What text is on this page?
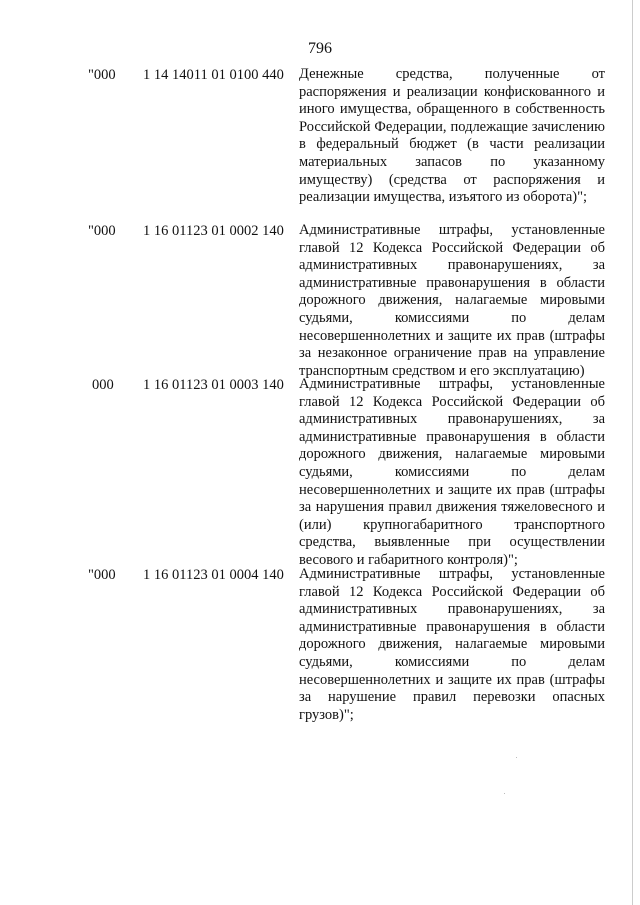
796
"000 1 14 14011 01 0100 440 Денежные средства, полученные от распоряжения и реализации конфискованного и иного имущества, обращенного в собственность Российской Федерации, подлежащие зачислению в федеральный бюджет (в части реализации материальных запасов по указанному имуществу) (средства от распоряжения и реализации имущества, изъятого из оборота)";
"000 1 16 01123 01 0002 140 Административные штрафы, установленные главой 12 Кодекса Российской Федерации об административных правонарушениях, за административные правонарушения в области дорожного движения, налагаемые мировыми судьями, комиссиями по делам несовершеннолетних и защите их прав (штрафы за незаконное ограничение прав на управление транспортным средством и его эксплуатацию)
000 1 16 01123 01 0003 140 Административные штрафы, установленные главой 12 Кодекса Российской Федерации об административных правонарушениях, за административные правонарушения в области дорожного движения, налагаемые мировыми судьями, комиссиями по делам несовершеннолетних и защите их прав (штрафы за нарушения правил движения тяжеловесного и (или) крупногабаритного транспортного средства, выявленные при осуществлении весового и габаритного контроля)";
"000 1 16 01123 01 0004 140 Административные штрафы, установленные главой 12 Кодекса Российской Федерации об административных правонарушениях, за административные правонарушения в области дорожного движения, налагаемые мировыми судьями, комиссиями по делам несовершеннолетних и защите их прав (штрафы за нарушение правил перевозки опасных грузов)";
